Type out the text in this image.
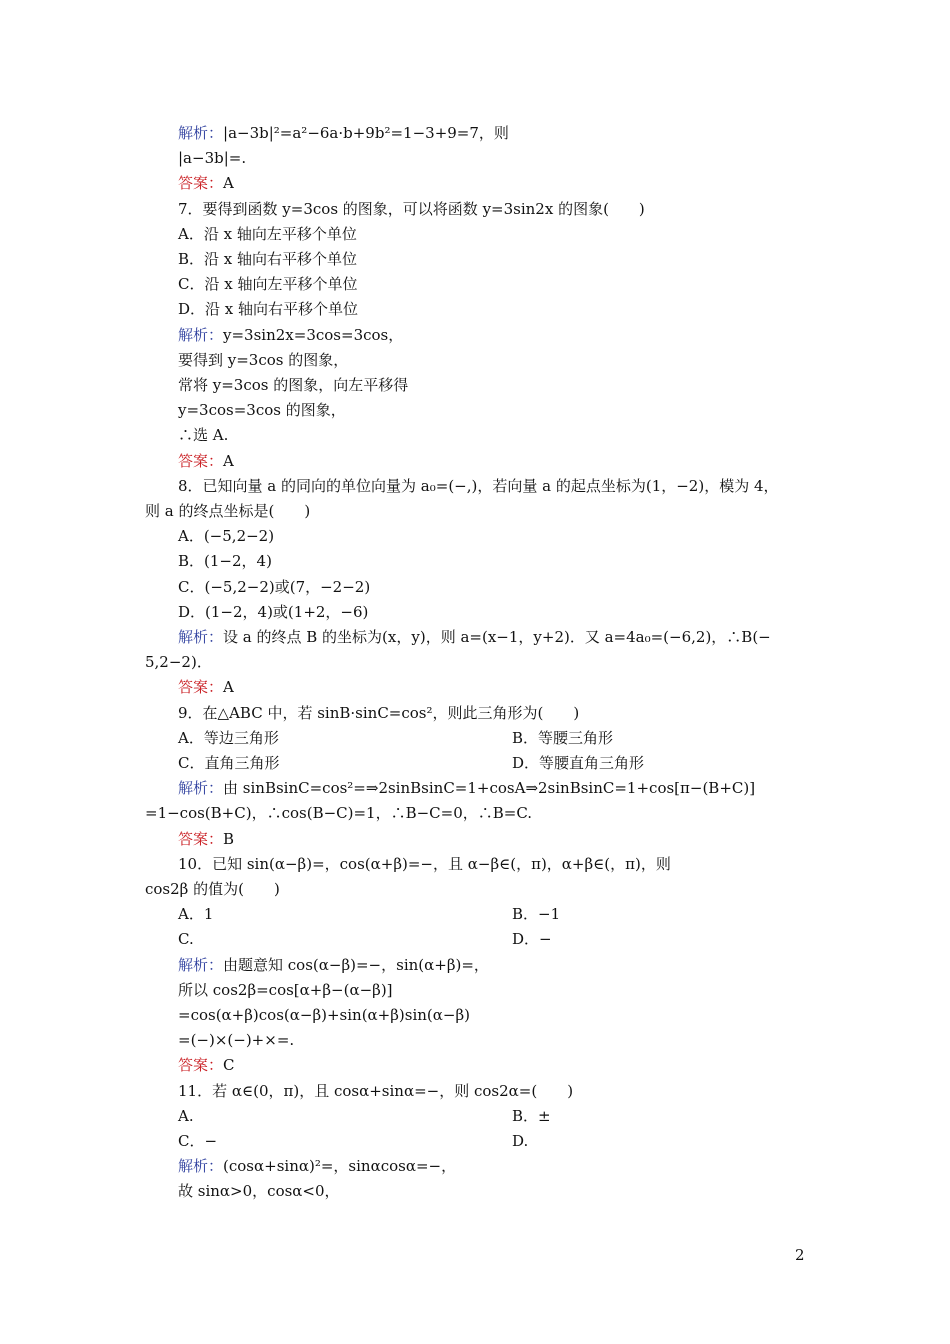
解析：|a−3b|²=a²−6a·b+9b²=1−3+9=7，则
|a−3b|=.
答案：A
7．要得到函数 y=3cos 的图象，可以将函数 y=3sin2x 的图象(　　)
A．沿 x 轴向左平移个单位
B．沿 x 轴向右平移个单位
C．沿 x 轴向左平移个单位
D．沿 x 轴向右平移个单位
解析：y=3sin2x=3cos=3cos，
要得到 y=3cos 的图象，
常将 y=3cos 的图象，向左平移得
y=3cos=3cos 的图象，
∴选 A.
答案：A
8．已知向量 a 的同向的单位向量为 a₀=(−,)，若向量 a 的起点坐标为(1，−2)，模为 4，
则 a 的终点坐标是(　　)
A．(−5,2−2)
B．(1−2，4)
C．(−5,2−2)或(7，−2−2)
D．(1−2，4)或(1+2，−6)
解析：设 a 的终点 B 的坐标为(x，y)，则 a=(x−1，y+2)．又 a=4a₀=(−6,2)，∴B(−
5,2−2)．
答案：A
9．在△ABC 中，若 sinB·sinC=cos²，则此三角形为(　　)
A．等边三角形	B．等腰三角形
C．直角三角形	D．等腰直角三角形
解析：由 sinBsinC=cos²=⇒2sinBsinC=1+cosA⇒2sinBsinC=1+cos[π−(B+C)]
=1−cos(B+C)，∴cos(B−C)=1，∴B−C=0，∴B=C.
答案：B
10．已知 sin(α−β)=，cos(α+β)=−，且 α−β∈(，π)，α+β∈(，π)，则
cos2β 的值为(　　)
A．1	B．−1
C.	D．−
解析：由题意知 cos(α−β)=−，sin(α+β)=，
所以 cos2β=cos[α+β−(α−β)]
=cos(α+β)cos(α−β)+sin(α+β)sin(α−β)
=(−)×(−)+×=.
答案：C
11．若 α∈(0，π)，且 cosα+sinα=−，则 cos2α=(　　)
A.	B．±
C．−	D.
解析：(cosα+sinα)²=，sinαcosα=−，
故 sinα>0，cosα<0，
2
